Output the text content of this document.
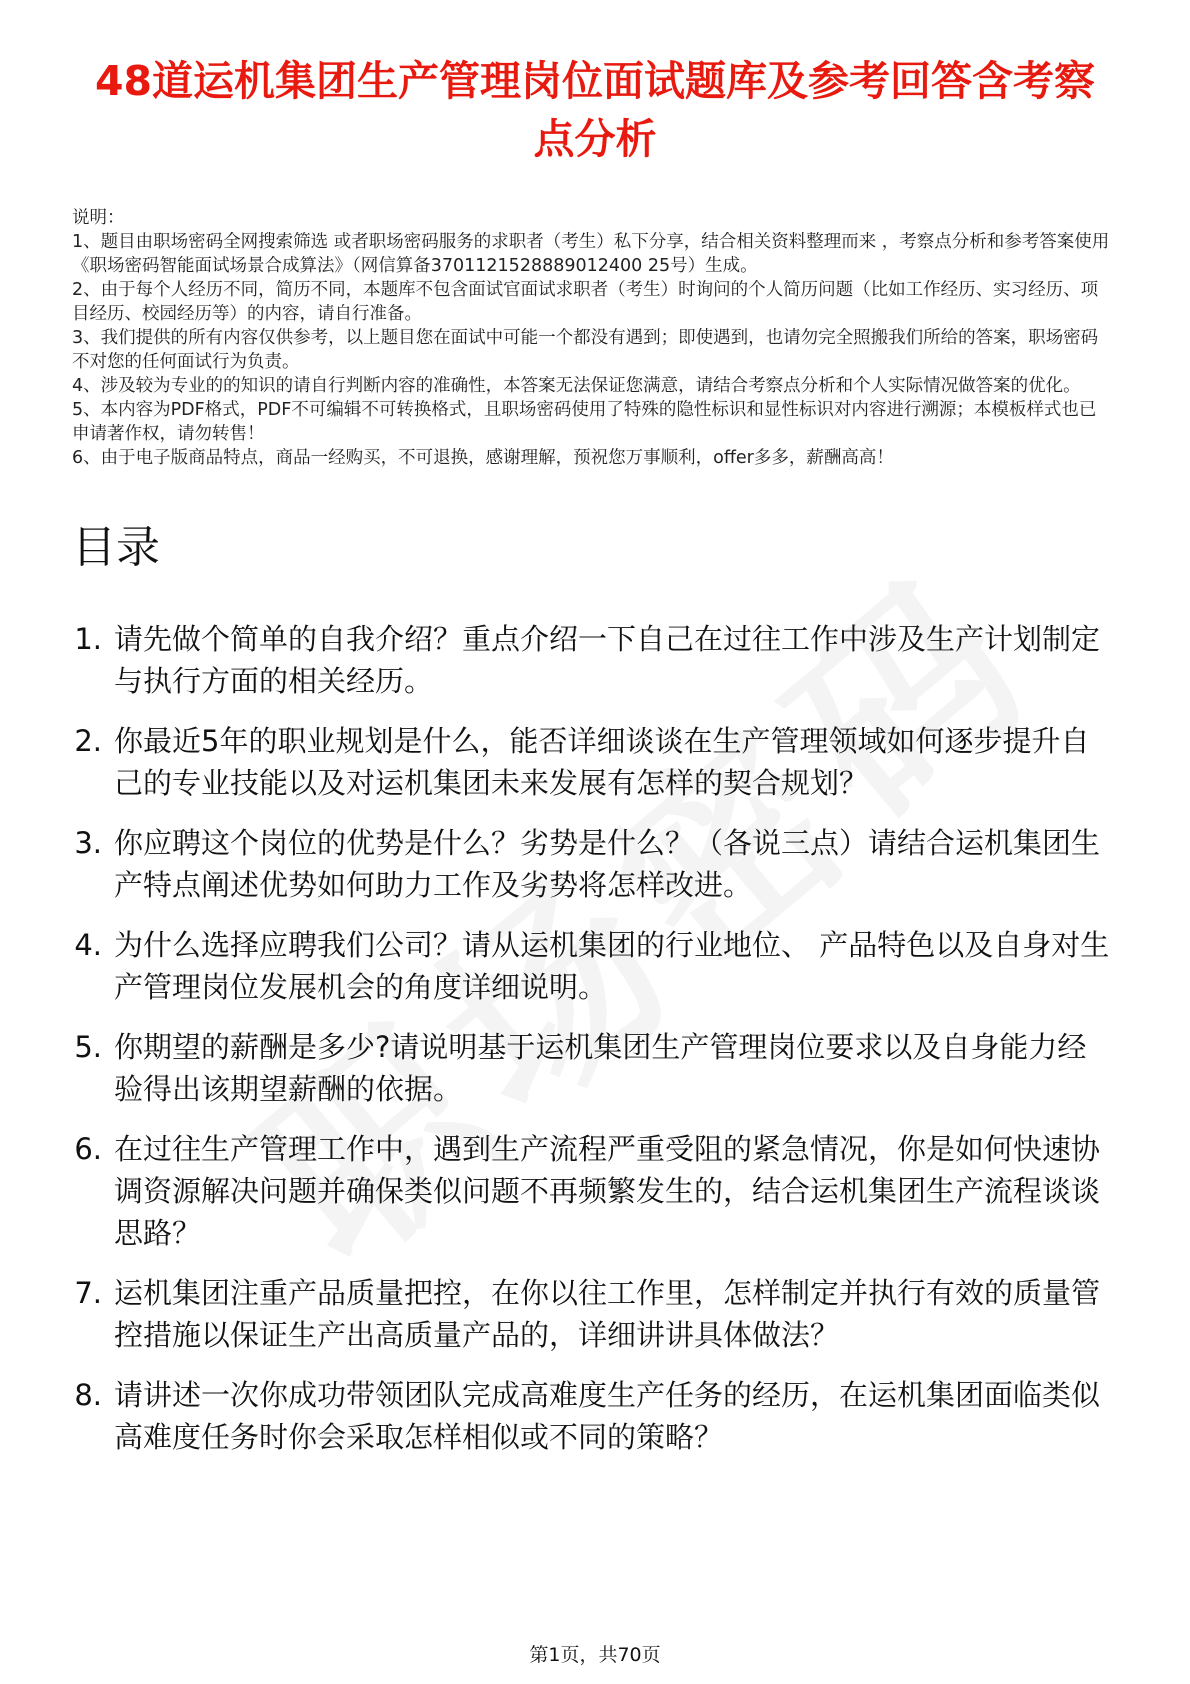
48道运机集团生产管理岗位面试题库及参考回答含考察点分析
说明：
1、题目由职场密码全网搜索筛选 或者职场密码服务的求职者（考生）私下分享，结合相关资料整理而来 ，考察点分析和参考答案使用《职场密码智能面试场景合成算法》（网信算备3701121528889012400 25号）生成。
2、由于每个人经历不同，简历不同，本题库不包含面试官面试求职者（考生）时询问的个人简历问题（比如工作经历、实习经历、项目经历、校园经历等）的内容，请自行准备。
3、我们提供的所有内容仅供参考，以上题目您在面试中可能一个都没有遇到；即使遇到，也请勿完全照搬我们所给的答案，职场密码不对您的任何面试行为负责。
4、涉及较为专业的的知识的请自行判断内容的准确性，本答案无法保证您满意，请结合考察点分析和个人实际情况做答案的优化。
5、本内容为PDF格式，PDF不可编辑不可转换格式，且职场密码使用了特殊的隐性标识和显性标识对内容进行溯源；本模板样式也已申请著作权，请勿转售！
6、由于电子版商品特点，商品一经购买，不可退换，感谢理解，预祝您万事顺利，offer多多，薪酬高高！
目录
1. 请先做个简单的自我介绍？重点介绍一下自己在过往工作中涉及生产计划制定与执行方面的相关经历。
2. 你最近5年的职业规划是什么，能否详细谈谈在生产管理领域如何逐步提升自己的专业技能以及对运机集团未来发展有怎样的契合规划？
3. 你应聘这个岗位的优势是什么？劣势是什么？（各说三点）请结合运机集团生产特点阐述优势如何助力工作及劣势将怎样改进。
4. 为什么选择应聘我们公司？请从运机集团的行业地位、 产品特色以及自身对生产管理岗位发展机会的角度详细说明。
5. 你期望的薪酬是多少?请说明基于运机集团生产管理岗位要求以及自身能力经验得出该期望薪酬的依据。
6. 在过往生产管理工作中，遇到生产流程严重受阻的紧急情况，你是如何快速协调资源解决问题并确保类似问题不再频繁发生的，结合运机集团生产流程谈谈思路？
7. 运机集团注重产品质量把控，在你以往工作里，怎样制定并执行有效的质量管控措施以保证生产出高质量产品的，详细讲讲具体做法？
8. 请讲述一次你成功带领团队完成高难度生产任务的经历，在运机集团面临类似高难度任务时你会采取怎样相似或不同的策略？
第1页，共70页
